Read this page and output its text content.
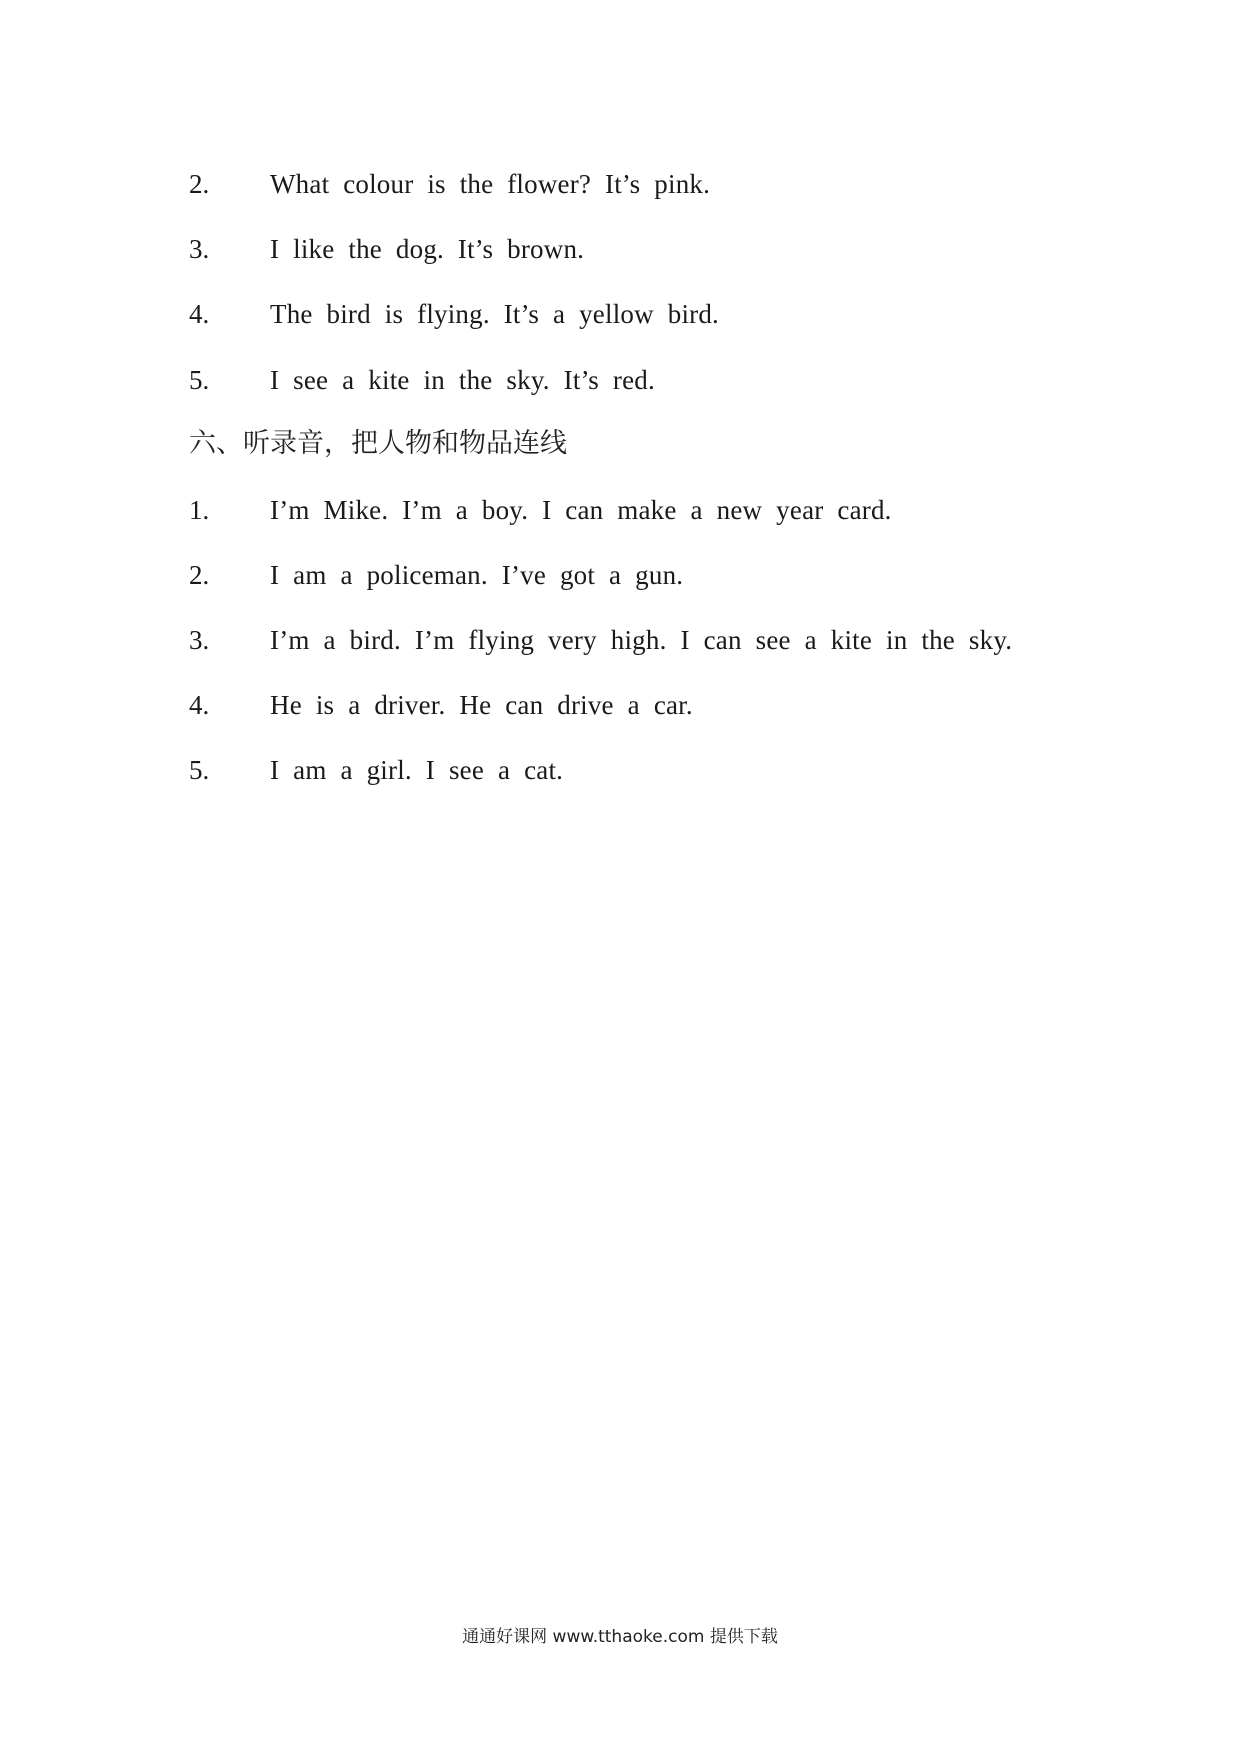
2. What colour is the flower? It’s pink.
3. I like the dog. It’s brown.
4. The bird is flying. It’s a yellow bird.
5. I see a kite in the sky. It’s red.
六、听录音，把人物和物品连线
1. I’m Mike. I’m a boy. I can make a new year card.
2. I am a policeman. I’ve got a gun.
3. I’m a bird. I’m flying very high. I can see a kite in the sky.
4. He is a driver. He can drive a car.
5. I am a girl. I see a cat.
通通好课网 www.tthaoke.com 提供下载
